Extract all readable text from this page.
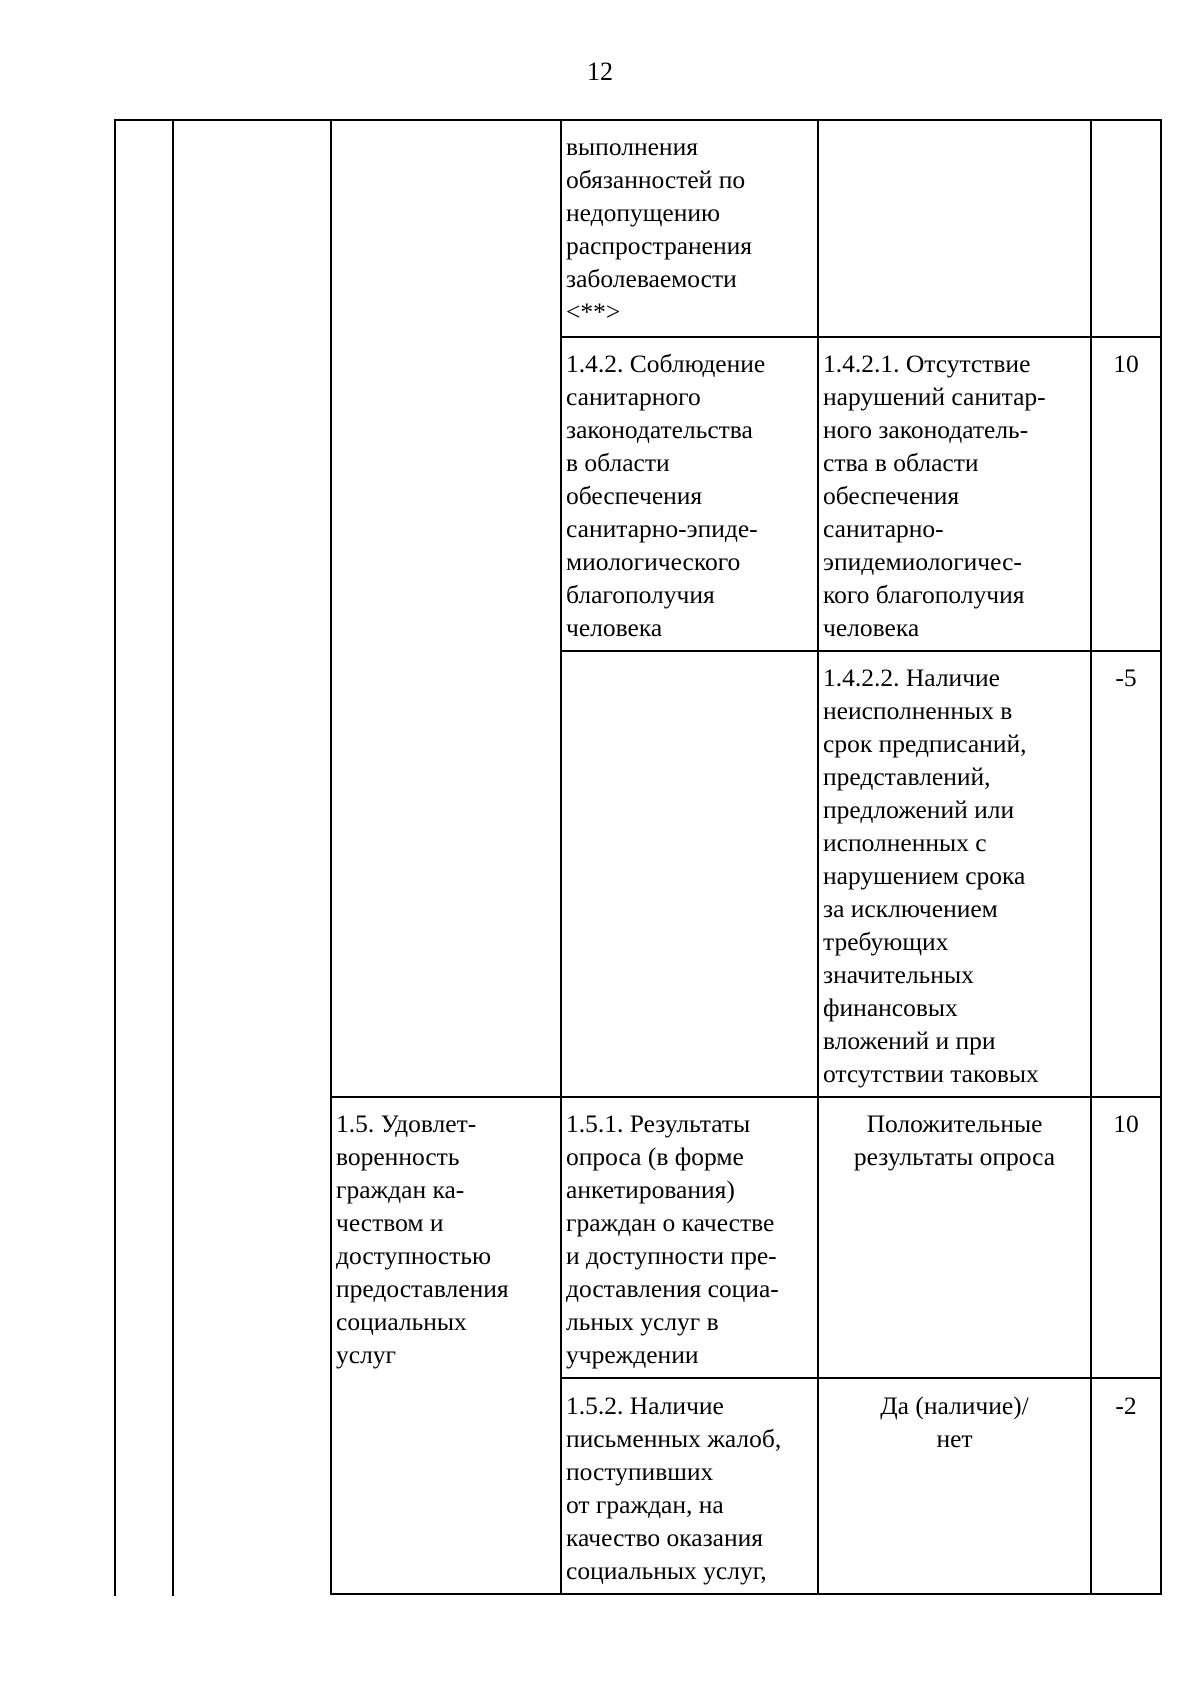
12
выполнения
обязанностей по
недопущению
распространения
заболеваемости
<**>
1.4.2. Соблюдение
санитарного
законодательства
в области
обеспечения
санитарно-эпиде-
миологического
благополучия
человека
1.4.2.1. Отсутствие
нарушений санитар-
ного законодатель-
ства в области
обеспечения
санитарно-
эпидемиологичес-
кого благополучия
человека
10
1.4.2.2. Наличие
неисполненных в
срок предписаний,
представлений,
предложений или
исполненных с
нарушением срока
за исключением
требующих
значительных
финансовых
вложений и при
отсутствии таковых
-5
1.5. Удовлет-
воренность
граждан ка-
чеством и
доступностью
предоставления
социальных
услуг
1.5.1. Результаты
опроса (в форме
анкетирования)
граждан о качестве
и доступности пре-
доставления социа-
льных услуг в
учреждении
Положительные
результаты опроса
10
1.5.2. Наличие
письменных жалоб,
поступивших
от граждан, на
качество оказания
социальных услуг,
Да (наличие)/
нет
-2
